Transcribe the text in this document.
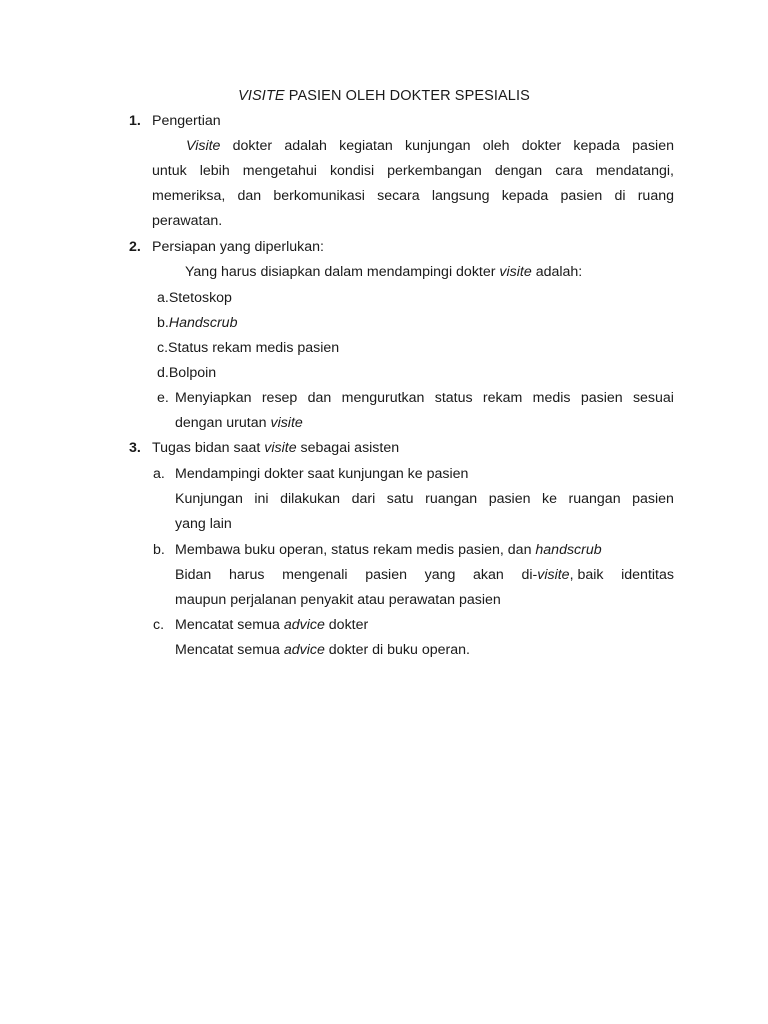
VISITE PASIEN OLEH DOKTER SPESIALIS
1. Pengertian
Visite dokter adalah kegiatan kunjungan oleh dokter kepada pasien
untuk lebih mengetahui kondisi perkembangan dengan cara mendatangi,
memeriksa, dan berkomunikasi secara langsung kepada pasien di ruang
perawatan.
2. Persiapan yang diperlukan:
Yang harus disiapkan dalam mendampingi dokter visite adalah:
a.Stetoskop
b.Handscrub
c.Status rekam medis pasien
d.Bolpoin
e. Menyiapkan resep dan mengurutkan status rekam medis pasien sesuai
dengan urutan visite
3. Tugas bidan saat visite sebagai asisten
a. Mendampingi dokter saat kunjungan ke pasien
Kunjungan ini dilakukan dari satu ruangan pasien ke ruangan pasien
yang lain
b. Membawa buku operan, status rekam medis pasien, dan handscrub
Bidan harus mengenali pasien yang akan di-visite, baik identitas
maupun perjalanan penyakit atau perawatan pasien
c. Mencatat semua advice dokter
Mencatat semua advice dokter di buku operan.
